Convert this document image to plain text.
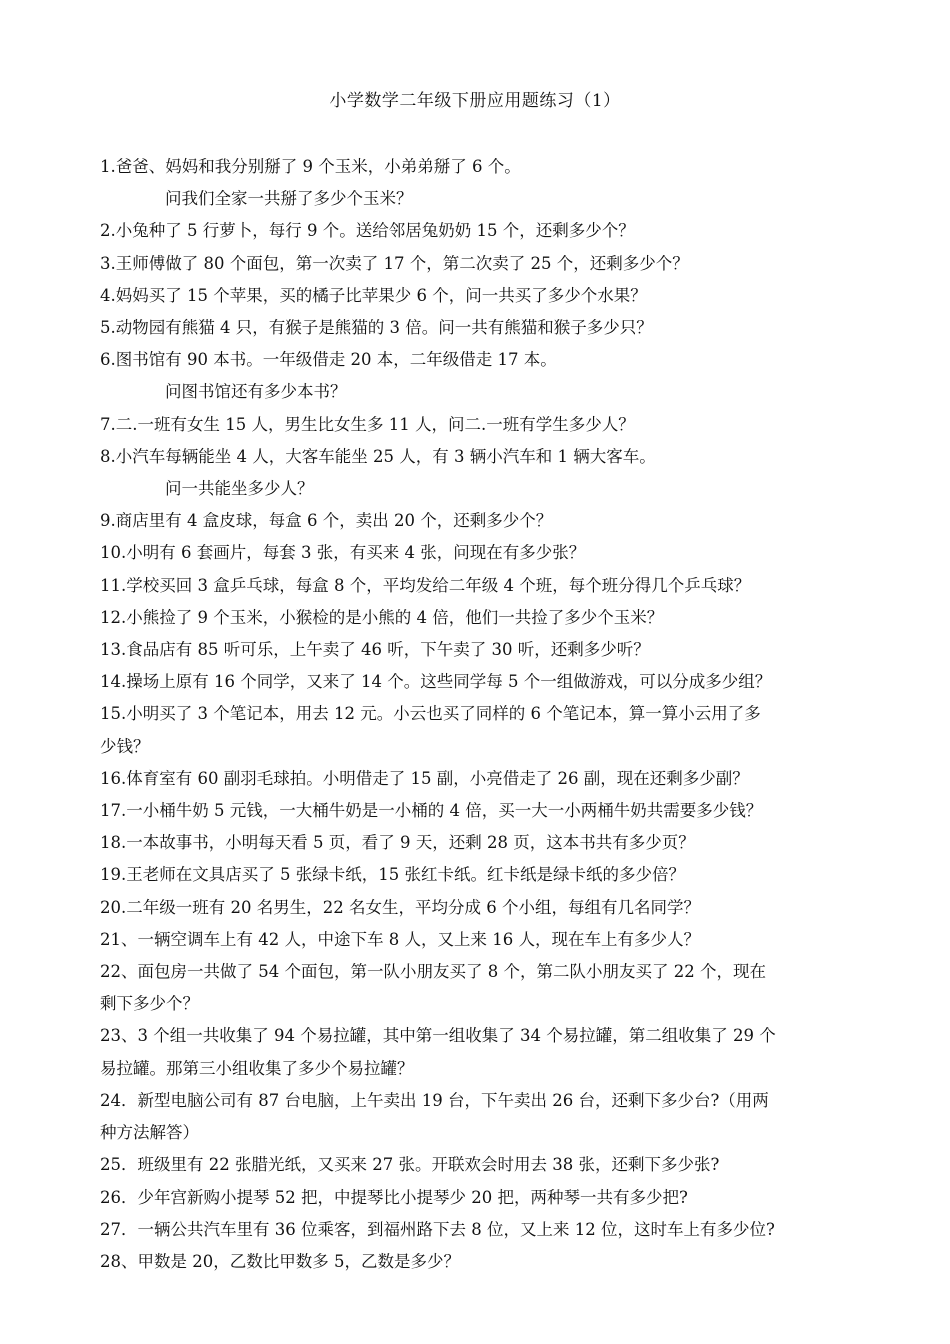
小学数学二年级下册应用题练习（1）
1.爸爸、妈妈和我分别掰了 9 个玉米，小弟弟掰了 6 个。
问我们全家一共掰了多少个玉米？
2.小兔种了 5 行萝卜，每行 9 个。送给邻居兔奶奶 15 个，还剩多少个？
3.王师傅做了 80 个面包，第一次卖了 17 个，第二次卖了 25 个，还剩多少个？
4.妈妈买了 15 个苹果，买的橘子比苹果少 6 个，问一共买了多少个水果？
5.动物园有熊猫 4 只，有猴子是熊猫的 3 倍。问一共有熊猫和猴子多少只？
6.图书馆有 90 本书。一年级借走 20 本，二年级借走 17 本。
问图书馆还有多少本书？
7.二.一班有女生 15 人，男生比女生多 11 人，问二.一班有学生多少人？
8.小汽车每辆能坐 4 人，大客车能坐 25 人，有 3 辆小汽车和 1 辆大客车。
问一共能坐多少人？
9.商店里有 4 盒皮球，每盒 6 个，卖出 20 个，还剩多少个？
10.小明有 6 套画片，每套 3 张，有买来 4 张，问现在有多少张？
11.学校买回 3 盒乒乓球，每盒 8 个，平均发给二年级 4 个班，每个班分得几个乒乓球？
12.小熊捡了 9 个玉米，小猴检的是小熊的 4 倍，他们一共捡了多少个玉米？
13.食品店有 85 听可乐，上午卖了 46 听，下午卖了 30 听，还剩多少听？
14.操场上原有 16 个同学，又来了 14 个。这些同学每 5 个一组做游戏，可以分成多少组？
15.小明买了 3 个笔记本，用去 12 元。小云也买了同样的 6 个笔记本，算一算小云用了多
少钱？
16.体育室有 60 副羽毛球拍。小明借走了 15 副，小亮借走了 26 副，现在还剩多少副？
17.一小桶牛奶 5 元钱，一大桶牛奶是一小桶的 4 倍，买一大一小两桶牛奶共需要多少钱？
18.一本故事书，小明每天看 5 页，看了 9 天，还剩 28 页，这本书共有多少页？
19.王老师在文具店买了 5 张绿卡纸，15 张红卡纸。红卡纸是绿卡纸的多少倍？
20.二年级一班有 20 名男生，22 名女生，平均分成 6 个小组，每组有几名同学？
21、一辆空调车上有 42 人，中途下车 8 人，又上来 16 人，现在车上有多少人？
22、面包房一共做了 54 个面包，第一队小朋友买了 8 个，第二队小朋友买了 22 个，现在
剩下多少个？
23、3 个组一共收集了 94 个易拉罐，其中第一组收集了 34 个易拉罐，第二组收集了 29 个
易拉罐。那第三小组收集了多少个易拉罐？
24．新型电脑公司有 87 台电脑，上午卖出 19 台，下午卖出 26 台，还剩下多少台?（用两
种方法解答）
25．班级里有 22 张腊光纸，又买来 27 张。开联欢会时用去 38 张，还剩下多少张?
26．少年宫新购小提琴 52 把，中提琴比小提琴少 20 把，两种琴一共有多少把?
27．一辆公共汽车里有 36 位乘客，到福州路下去 8 位，又上来 12 位，这时车上有多少位?
28、甲数是 20，乙数比甲数多 5，乙数是多少？
